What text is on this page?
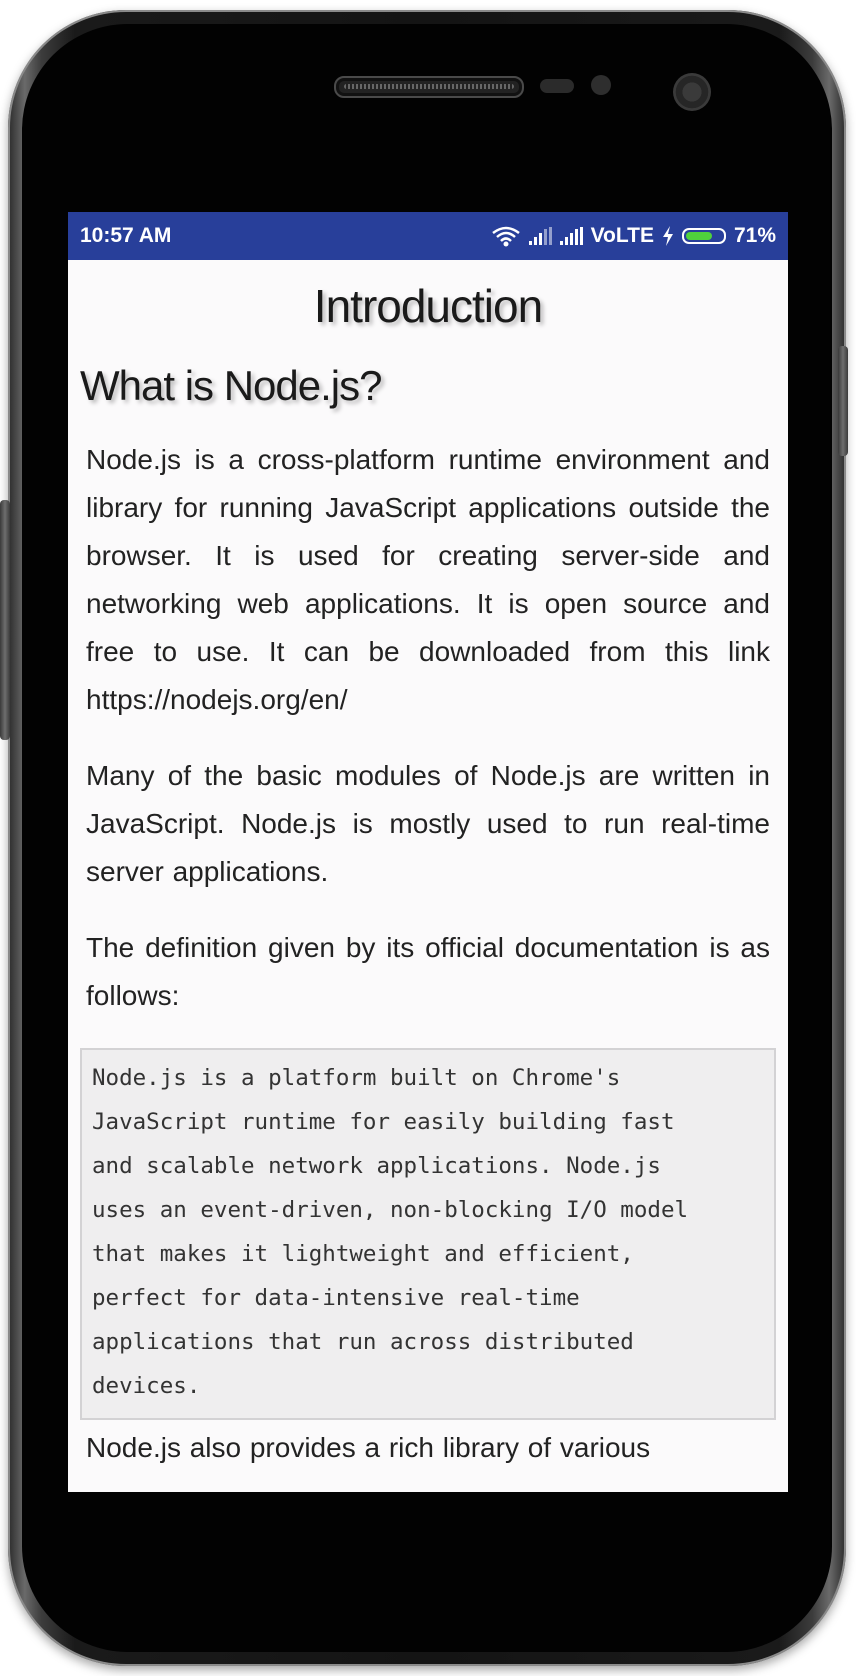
10:57 AM	VoLTE	71%
Introduction
What is Node.js?

Node.js is a cross-platform runtime environment and library for running JavaScript applications outside the browser. It is used for creating server-side and networking web applications. It is open source and free to use. It can be downloaded from this link https://nodejs.org/en/

Many of the basic modules of Node.js are written in JavaScript. Node.js is mostly used to run real-time server applications.

The definition given by its official documentation is as follows:

Node.js is a platform built on Chrome's
JavaScript runtime for easily building fast
and scalable network applications. Node.js
uses an event-driven, non-blocking I/O model
that makes it lightweight and efficient,
perfect for data-intensive real-time
applications that run across distributed
devices.

Node.js also provides a rich library of various
